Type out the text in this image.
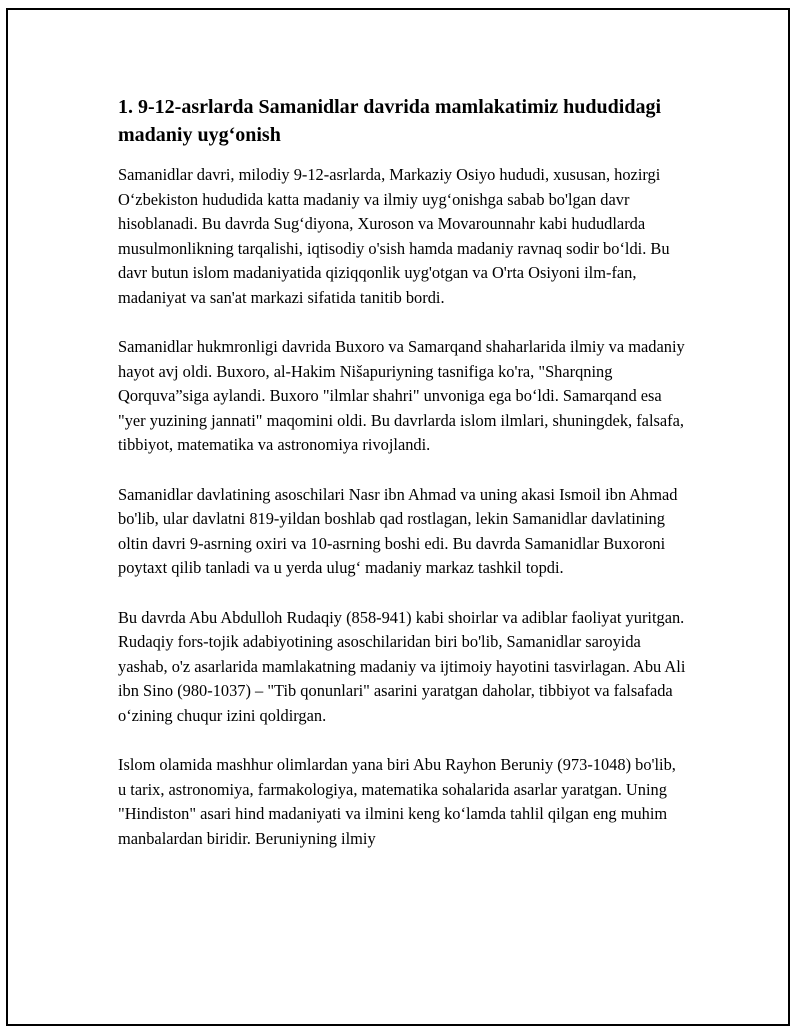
1. 9-12-asrlarda Samanidlar davrida mamlakatimiz hududidagi madaniy uyg‘onish

Samanidlar davri, milodiy 9-12-asrlarda, Markaziy Osiyo hududi, xususan, hozirgi O‘zbekiston hududida katta madaniy va ilmiy uyg‘onishga sabab bo'lgan davr hisoblanadi. Bu davrda Sug‘diyona, Xuroson va Movarounnahr kabi hududlarda musulmonlikning tarqalishi, iqtisodiy o'sish hamda madaniy ravnaq sodir bo‘ldi. Bu davr butun islom madaniyatida qiziqqonlik uyg'otgan va O'rta Osiyoni ilm-fan, madaniyat va san'at markazi sifatida tanitib bordi.

Samanidlar hukmronligi davrida Buxoro va Samarqand shaharlarida ilmiy va madaniy hayot avj oldi. Buxoro, al-Hakim Nišapuriyning tasnifiga ko'ra, "Sharqning Qorquva”siga aylandi. Buxoro "ilmlar shahri" unvoniga ega bo‘ldi. Samarqand esa "yer yuzining jannati" maqomini oldi. Bu davrlarda islom ilmlari, shuningdek, falsafa, tibbiyot, matematika va astronomiya rivojlandi.

Samanidlar davlatining asoschilari Nasr ibn Ahmad va uning akasi Ismoil ibn Ahmad bo'lib, ular davlatni 819-yildan boshlab qad rostlagan, lekin Samanidlar davlatining oltin davri 9-asrning oxiri va 10-asrning boshi edi. Bu davrda Samanidlar Buxoroni poytaxt qilib tanladi va u yerda ulug‘ madaniy markaz tashkil topdi.

Bu davrda Abu Abdulloh Rudaqiy (858-941) kabi shoirlar va adiblar faoliyat yuritgan. Rudaqiy fors-tojik adabiyotining asoschilaridan biri bo'lib, Samanidlar saroyida yashab, o'z asarlarida mamlakatning madaniy va ijtimoiy hayotini tasvirlagan. Abu Ali ibn Sino (980-1037) – "Tib qonunlari" asarini yaratgan daholar, tibbiyot va falsafada o‘zining chuqur izini qoldirgan.

Islom olamida mashhur olimlardan yana biri Abu Rayhon Beruniy (973-1048) bo'lib, u tarix, astronomiya, farmakologiya, matematika sohalarida asarlar yaratgan. Uning "Hindiston" asari hind madaniyati va ilmini keng ko‘lamda tahlil qilgan eng muhim manbalardan biridir. Beruniyning ilmiy
